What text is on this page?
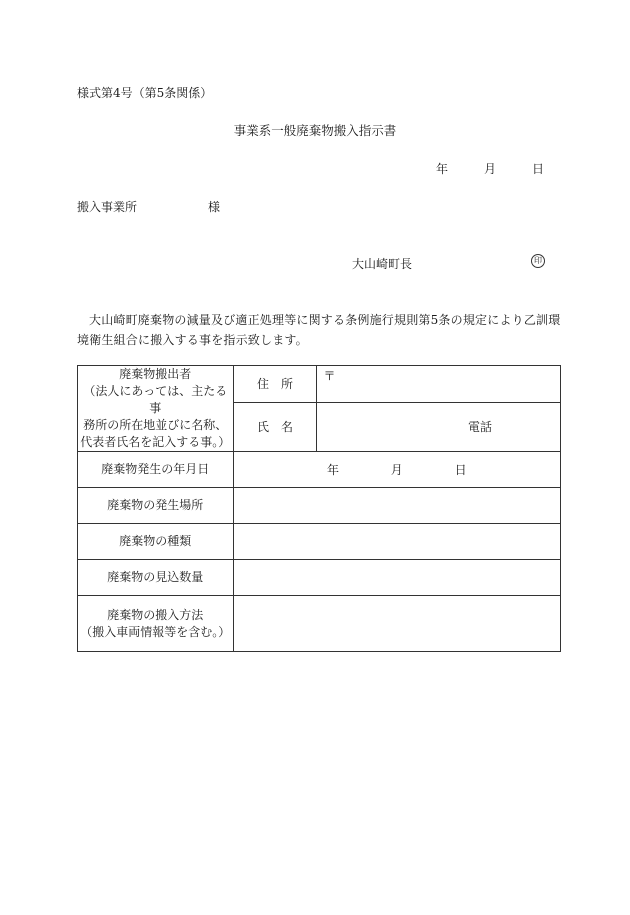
様式第4号（第5条関係）
事業系一般廃棄物搬入指示書
年	月	日
搬入事業所	様
大山崎町長	印
大山崎町廃棄物の減量及び適正処理等に関する条例施行規則第5条の規定により乙訓環境衛生組合に搬入する事を指示致します。
廃棄物搬出者
（法人にあっては、主たる事
務所の所在地並びに名称、
代表者氏名を記入する事。）	住　所	〒
	氏　名	電話
廃棄物発生の年月日	年 月 日	
廃棄物の発生場所		
廃棄物の種類		
廃棄物の見込数量		

廃棄物の搬入方法
（搬入車両情報等を含む。）		
